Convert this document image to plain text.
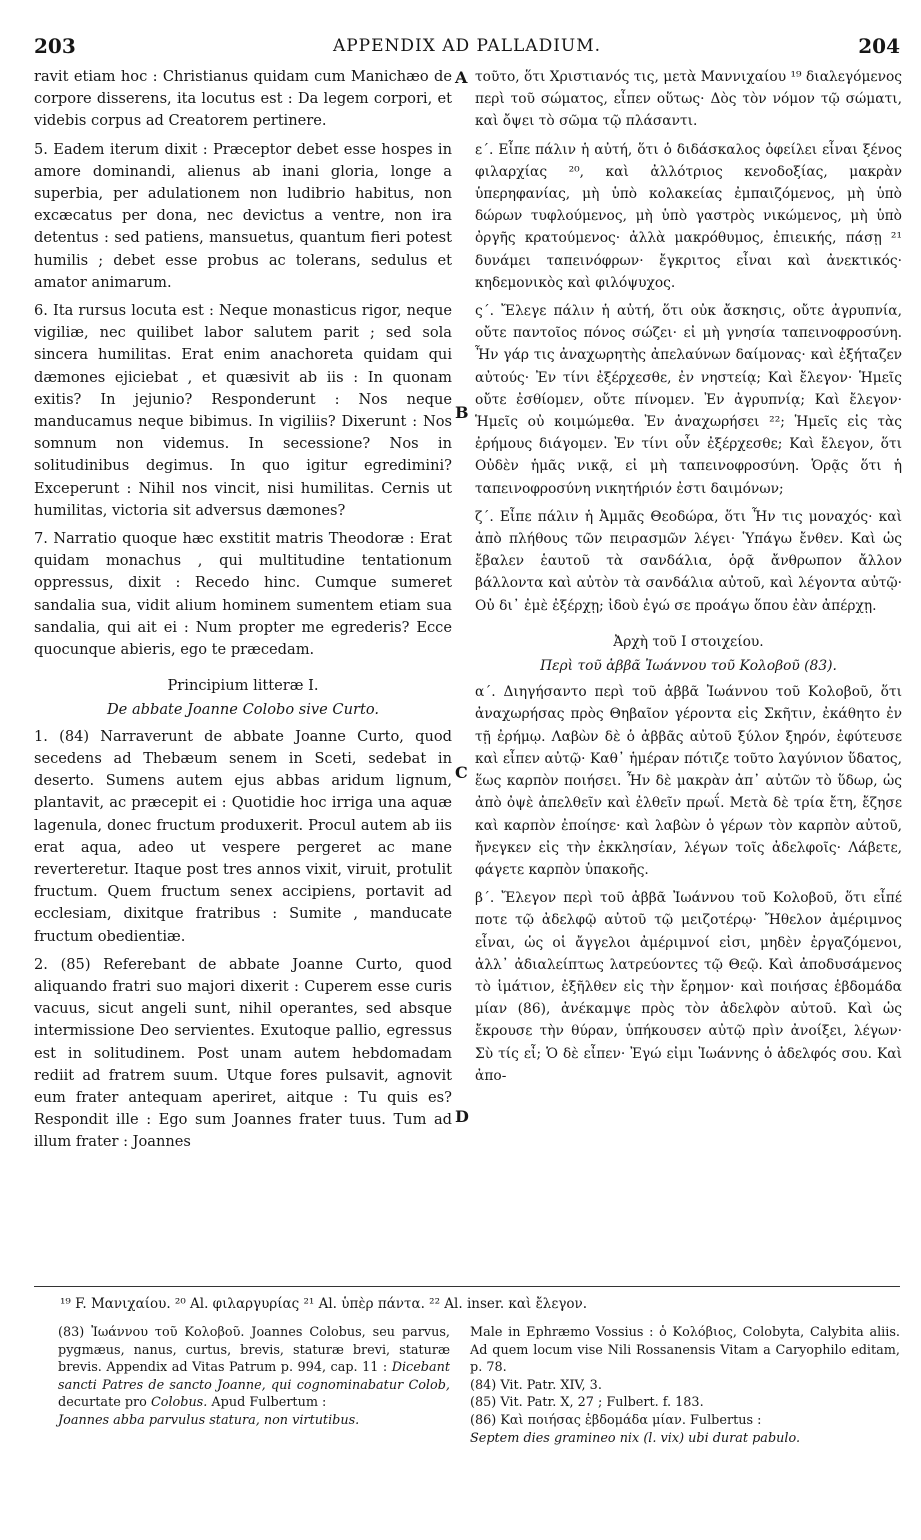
203	APPENDIX AD PALLADIUM.	204

ravit etiam hoc : Christianus quidam cum Manichæo de corpore disserens, ita locutus est : Da legem corpori, et videbis corpus ad Creatorem pertinere.

5. Eadem iterum dixit : Præceptor debet esse hospes in amore dominandi, alienus ab inani gloria, longe a superbia, per adulationem non ludibrio habitus, non excæcatus per dona, nec devictus a ventre, non ira detentus : sed patiens, mansuetus, quantum fieri potest humilis ; debet esse probus ac tolerans, sedulus et amator animarum.

6. Ita rursus locuta est : Neque monasticus rigor, neque vigiliæ, nec quilibet labor salutem parit ; sed sola sincera humilitas. Erat enim anachoreta quidam qui dæmones ejiciebat , et quæsivit ab iis : In quonam exitis? In jejunio? Responderunt : Nos neque manducamus neque bibimus. In vigiliis? Dixerunt : Nos somnum non videmus. In secessione? Nos in solitudinibus degimus. In quo igitur egredimini? Exceperunt : Nihil nos vincit, nisi humilitas. Cernis ut humilitas, victoria sit adversus dæmones?

7. Narratio quoque hæc exstitit matris Theodoræ : Erat quidam monachus , qui multitudine tentationum oppressus, dixit : Recedo hinc. Cumque sumeret sandalia sua, vidit alium hominem sumentem etiam sua sandalia, qui ait ei : Num propter me egrederis? Ecce quocunque abieris, ego te præcedam.

Principium litteræ I.
De abbate Joanne Colobo sive Curto.

1. (84) Narraverunt de abbate Joanne Curto, quod secedens ad Thebæum senem in Sceti, sedebat in deserto. Sumens autem ejus abbas aridum lignum, plantavit, ac præcepit ei : Quotidie hoc irriga una aquæ lagenula, donec fructum produxerit. Procul autem ab iis erat aqua, adeo ut vespere pergeret ac mane reverteretur. Itaque post tres annos vixit, viruit, protulit fructum. Quem fructum senex accipiens, portavit ad ecclesiam, dixitque fratribus : Sumite , manducate fructum obedientiæ.

2. (85) Referebant de abbate Joanne Curto, quod aliquando fratri suo majori dixerit : Cuperem esse curis vacuus, sicut angeli sunt, nihil operantes, sed absque intermissione Deo servientes. Exutoque pallio, egressus est in solitudinem. Post unam autem hebdomadam rediit ad fratrem suum. Utque fores pulsavit, agnovit eum frater antequam aperiret, aitque : Tu quis es? Respondit ille : Ego sum Joannes frater tuus. Tum ad illum frater : Joannes

τοῦτο, ὅτι Χριστιανός τις, μετὰ Μαννιχαίου ¹⁹ διαλεγόμενος περὶ τοῦ σώματος, εἶπεν οὕτως· Δὸς τὸν νόμον τῷ σώματι, καὶ ὄψει τὸ σῶμα τῷ πλάσαντι.

ε΄. Εἶπε πάλιν ἡ αὐτή, ὅτι ὁ διδάσκαλος ὀφείλει εἶναι ξένος φιλαρχίας ²⁰, καὶ ἀλλότριος κενοδοξίας, μακρὰν ὑπερηφανίας, μὴ ὑπὸ κολακείας ἐμπαιζόμενος, μὴ ὑπὸ δώρων τυφλούμενος, μὴ ὑπὸ γαστρὸς νικώμενος, μὴ ὑπὸ ὀργῆς κρατούμενος· ἀλλὰ μακρόθυμος, ἐπιεικής, πάσῃ ²¹ δυνάμει ταπεινόφρων· ἔγκριτος εἶναι καὶ ἀνεκτικός· κηδεμονικὸς καὶ φιλόψυχος.

ς΄. Ἔλεγε πάλιν ἡ αὐτή, ὅτι οὐκ ἄσκησις, οὔτε ἀγρυπνία, οὔτε παντοῖος πόνος σώζει· εἰ μὴ γνησία ταπεινοφροσύνη. Ἦν γάρ τις ἀναχωρητὴς ἀπελαύνων δαίμονας· καὶ ἐξήταζεν αὐτούς· Ἐν τίνι ἐξέρχεσθε, ἐν νηστείᾳ; Καὶ ἔλεγον· Ἡμεῖς οὔτε ἐσθίομεν, οὔτε πίνομεν. Ἐν ἀγρυπνίᾳ; Καὶ ἔλεγον· Ἡμεῖς οὐ κοιμώμεθα. Ἐν ἀναχωρήσει ²²; Ἡμεῖς εἰς τὰς ἐρήμους διάγομεν. Ἐν τίνι οὖν ἐξέρχεσθε; Καὶ ἔλεγον, ὅτι Οὐδὲν ἡμᾶς νικᾷ, εἰ μὴ ταπεινοφροσύνη. Ὁρᾷς ὅτι ἡ ταπεινοφροσύνη νικητήριόν ἐστι δαιμόνων;

ζ΄. Εἶπε πάλιν ἡ Ἀμμᾶς Θεοδώρα, ὅτι Ἦν τις μοναχός· καὶ ἀπὸ πλήθους τῶν πειρασμῶν λέγει· Ὑπάγω ἔνθεν. Καὶ ὡς ἔβαλεν ἑαυτοῦ τὰ σανδάλια, ὁρᾷ ἄνθρωπον ἄλλον βάλλοντα καὶ αὐτὸν τὰ σανδάλια αὐτοῦ, καὶ λέγοντα αὐτῷ· Οὐ δι᾿ ἐμὲ ἐξέρχῃ; ἰδοὺ ἐγώ σε προάγω ὅπου ἐὰν ἀπέρχῃ.

Ἀρχὴ τοῦ Ι στοιχείου.
Περὶ τοῦ ἀββᾶ Ἰωάννου τοῦ Κολοβοῦ (83).

α΄. Διηγήσαντο περὶ τοῦ ἀββᾶ Ἰωάννου τοῦ Κολοβοῦ, ὅτι ἀναχωρήσας πρὸς Θηβαῖον γέροντα εἰς Σκῆτιν, ἐκάθητο ἐν τῇ ἐρήμῳ. Λαβὼν δὲ ὁ ἀββᾶς αὐτοῦ ξύλον ξηρόν, ἐφύτευσε καὶ εἶπεν αὐτῷ· Καθ᾿ ἡμέραν πότιζε τοῦτο λαγύνιον ὕδατος, ἕως καρπὸν ποιήσει. Ἦν δὲ μακρὰν ἀπ᾿ αὐτῶν τὸ ὕδωρ, ὡς ἀπὸ ὀψὲ ἀπελθεῖν καὶ ἐλθεῖν πρωΐ. Μετὰ δὲ τρία ἔτη, ἔζησε καὶ καρπὸν ἐποίησε· καὶ λαβὼν ὁ γέρων τὸν καρπὸν αὐτοῦ, ἤνεγκεν εἰς τὴν ἐκκλησίαν, λέγων τοῖς ἀδελφοῖς· Λάβετε, φάγετε καρπὸν ὑπακοῆς.

β΄. Ἔλεγον περὶ τοῦ ἀββᾶ Ἰωάννου τοῦ Κολοβοῦ, ὅτι εἶπέ ποτε τῷ ἀδελφῷ αὐτοῦ τῷ μειζοτέρῳ· Ἤθελον ἀμέριμνος εἶναι, ὡς οἱ ἄγγελοι ἀμέριμνοί εἰσι, μηδὲν ἐργαζόμενοι, ἀλλ᾿ ἀδιαλείπτως λατρεύοντες τῷ Θεῷ. Καὶ ἀποδυσάμενος τὸ ἱμάτιον, ἐξῆλθεν εἰς τὴν ἔρημον· καὶ ποιήσας ἑβδομάδα μίαν (86), ἀνέκαμψε πρὸς τὸν ἀδελφὸν αὐτοῦ. Καὶ ὡς ἔκρουσε τὴν θύραν, ὑπήκουσεν αὐτῷ πρὶν ἀνοίξει, λέγων· Σὺ τίς εἶ; Ὁ δὲ εἶπεν· Ἐγώ εἰμι Ἰωάννης ὁ ἀδελφός σου. Καὶ ἀπο-

A
B
C
D
¹⁹ F. Μανιχαίου. ²⁰ Al. φιλαργυρίας ²¹ Al. ὑπὲρ πάντα. ²² Al. inser. καὶ ἔλεγον.

(83) Ἰωάννου τοῦ Κολοβοῦ. Joannes Colobus, seu parvus, pygmæus, nanus, curtus, brevis, staturæ brevi, staturæ brevis. Appendix ad Vitas Patrum p. 994, cap. 11 : Dicebant sancti Patres de sancto Joanne, qui cognominabatur Colob, decurtate pro Colobus. Apud Fulbertum :

Joannes abba parvulus statura, non virtutibus.

Male in Ephræmo Vossius : ὁ Κολόβιος, Colobyta, Calybita aliis. Ad quem locum vise Nili Rossanensis Vitam a Caryophilo editam, p. 78.

(84) Vit. Patr. XIV, 3.

(85) Vit. Patr. X, 27 ; Fulbert. f. 183.

(86) Καὶ ποιήσας ἑβδομάδα μίαν. Fulbertus :

Septem dies gramineo nix (l. vix) ubi durat pabulo.
